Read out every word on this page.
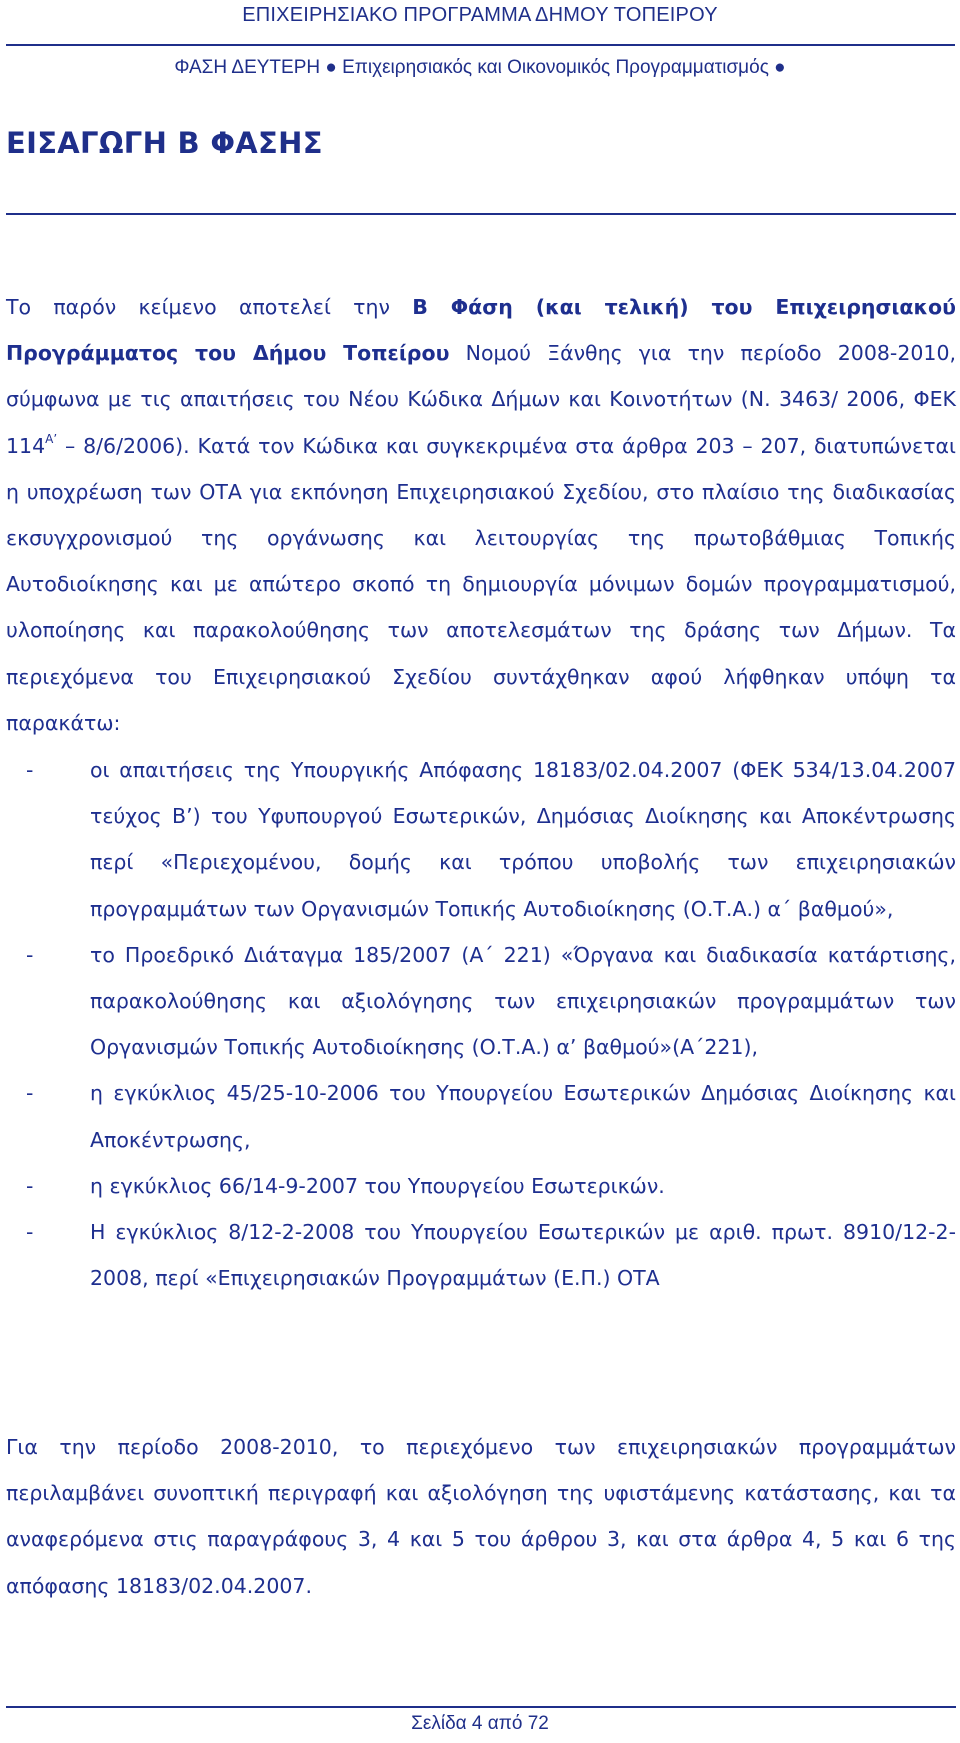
ΕΠΙΧΕΙΡΗΣΙΑΚΟ ΠΡΟΓΡΑΜΜΑ ΔΗΜΟΥ ΤΟΠΕΙΡΟΥ
ΦΑΣΗ ΔΕΥΤΕΡΗ ● Επιχειρησιακός και Οικονομικός Προγραμματισμός ●
ΕΙΣΑΓΩΓΗ Β ΦΑΣΗΣ
Το παρόν κείμενο αποτελεί την Β Φάση (και τελική) του Επιχειρησιακού Προγράμματος του Δήμου Τοπείρου Νομού Ξάνθης για την περίοδο 2008-2010, σύμφωνα με τις απαιτήσεις του Νέου Κώδικα Δήμων και Κοινοτήτων (Ν. 3463/ 2006, ΦΕΚ $114^{A’} - 8/6/2006$). Κατά τον Κώδικα και συγκεκριμένα στα άρθρα 203 – 207, διατυπώνεται η υποχρέωση των ΟΤΑ για εκπόνηση Επιχειρησιακού Σχεδίου, στο πλαίσιο της διαδικασίας εκσυγχρονισμού της οργάνωσης και λειτουργίας της πρωτοβάθμιας Τοπικής Αυτοδιοίκησης και με απώτερο σκοπό τη δημιουργία μόνιμων δομών προγραμματισμού, υλοποίησης και παρακολούθησης των αποτελεσμάτων της δράσης των Δήμων. Τα περιεχόμενα του Επιχειρησιακού Σχεδίου συντάχθηκαν αφού λήφθηκαν υπόψη τα παρακάτω:
-	οι απαιτήσεις της Υπουργικής Απόφασης 18183/02.04.2007 (ΦΕΚ 534/13.04.2007 τεύχος Β’) του Υφυπουργού Εσωτερικών, Δημόσιας Διοίκησης και Αποκέντρωσης περί «Περιεχομένου, δομής και τρόπου υποβολής των επιχειρησιακών προγραμμάτων των Οργανισμών Τοπικής Αυτοδιοίκησης (Ο.Τ.Α.) α΄ βαθμού»,
-	το Προεδρικό Διάταγμα 185/2007 (Α΄ 221) «Όργανα και διαδικασία κατάρτισης, παρακολούθησης και αξιολόγησης των επιχειρησιακών προγραμμάτων των Οργανισμών Τοπικής Αυτοδιοίκησης (Ο.Τ.Α.) α’ βαθμού»(Α΄221),
-	η εγκύκλιος 45/25-10-2006 του Υπουργείου Εσωτερικών Δημόσιας Διοίκησης και Αποκέντρωσης,
-	η εγκύκλιος 66/14-9-2007 του Υπουργείου Εσωτερικών.
-	Η εγκύκλιος 8/12-2-2008 του Υπουργείου Εσωτερικών με αριθ. πρωτ. 8910/12-2-2008, περί «Επιχειρησιακών Προγραμμάτων (Ε.Π.) ΟΤΑ
Για την περίοδο 2008-2010, το περιεχόμενο των επιχειρησιακών προγραμμάτων περιλαμβάνει συνοπτική περιγραφή και αξιολόγηση της υφιστάμενης κατάστασης, και τα αναφερόμενα στις παραγράφους 3, 4 και 5 του άρθρου 3, και στα άρθρα 4, 5 και 6 της απόφασης 18183/02.04.2007.
Σελίδα 4 από 72
